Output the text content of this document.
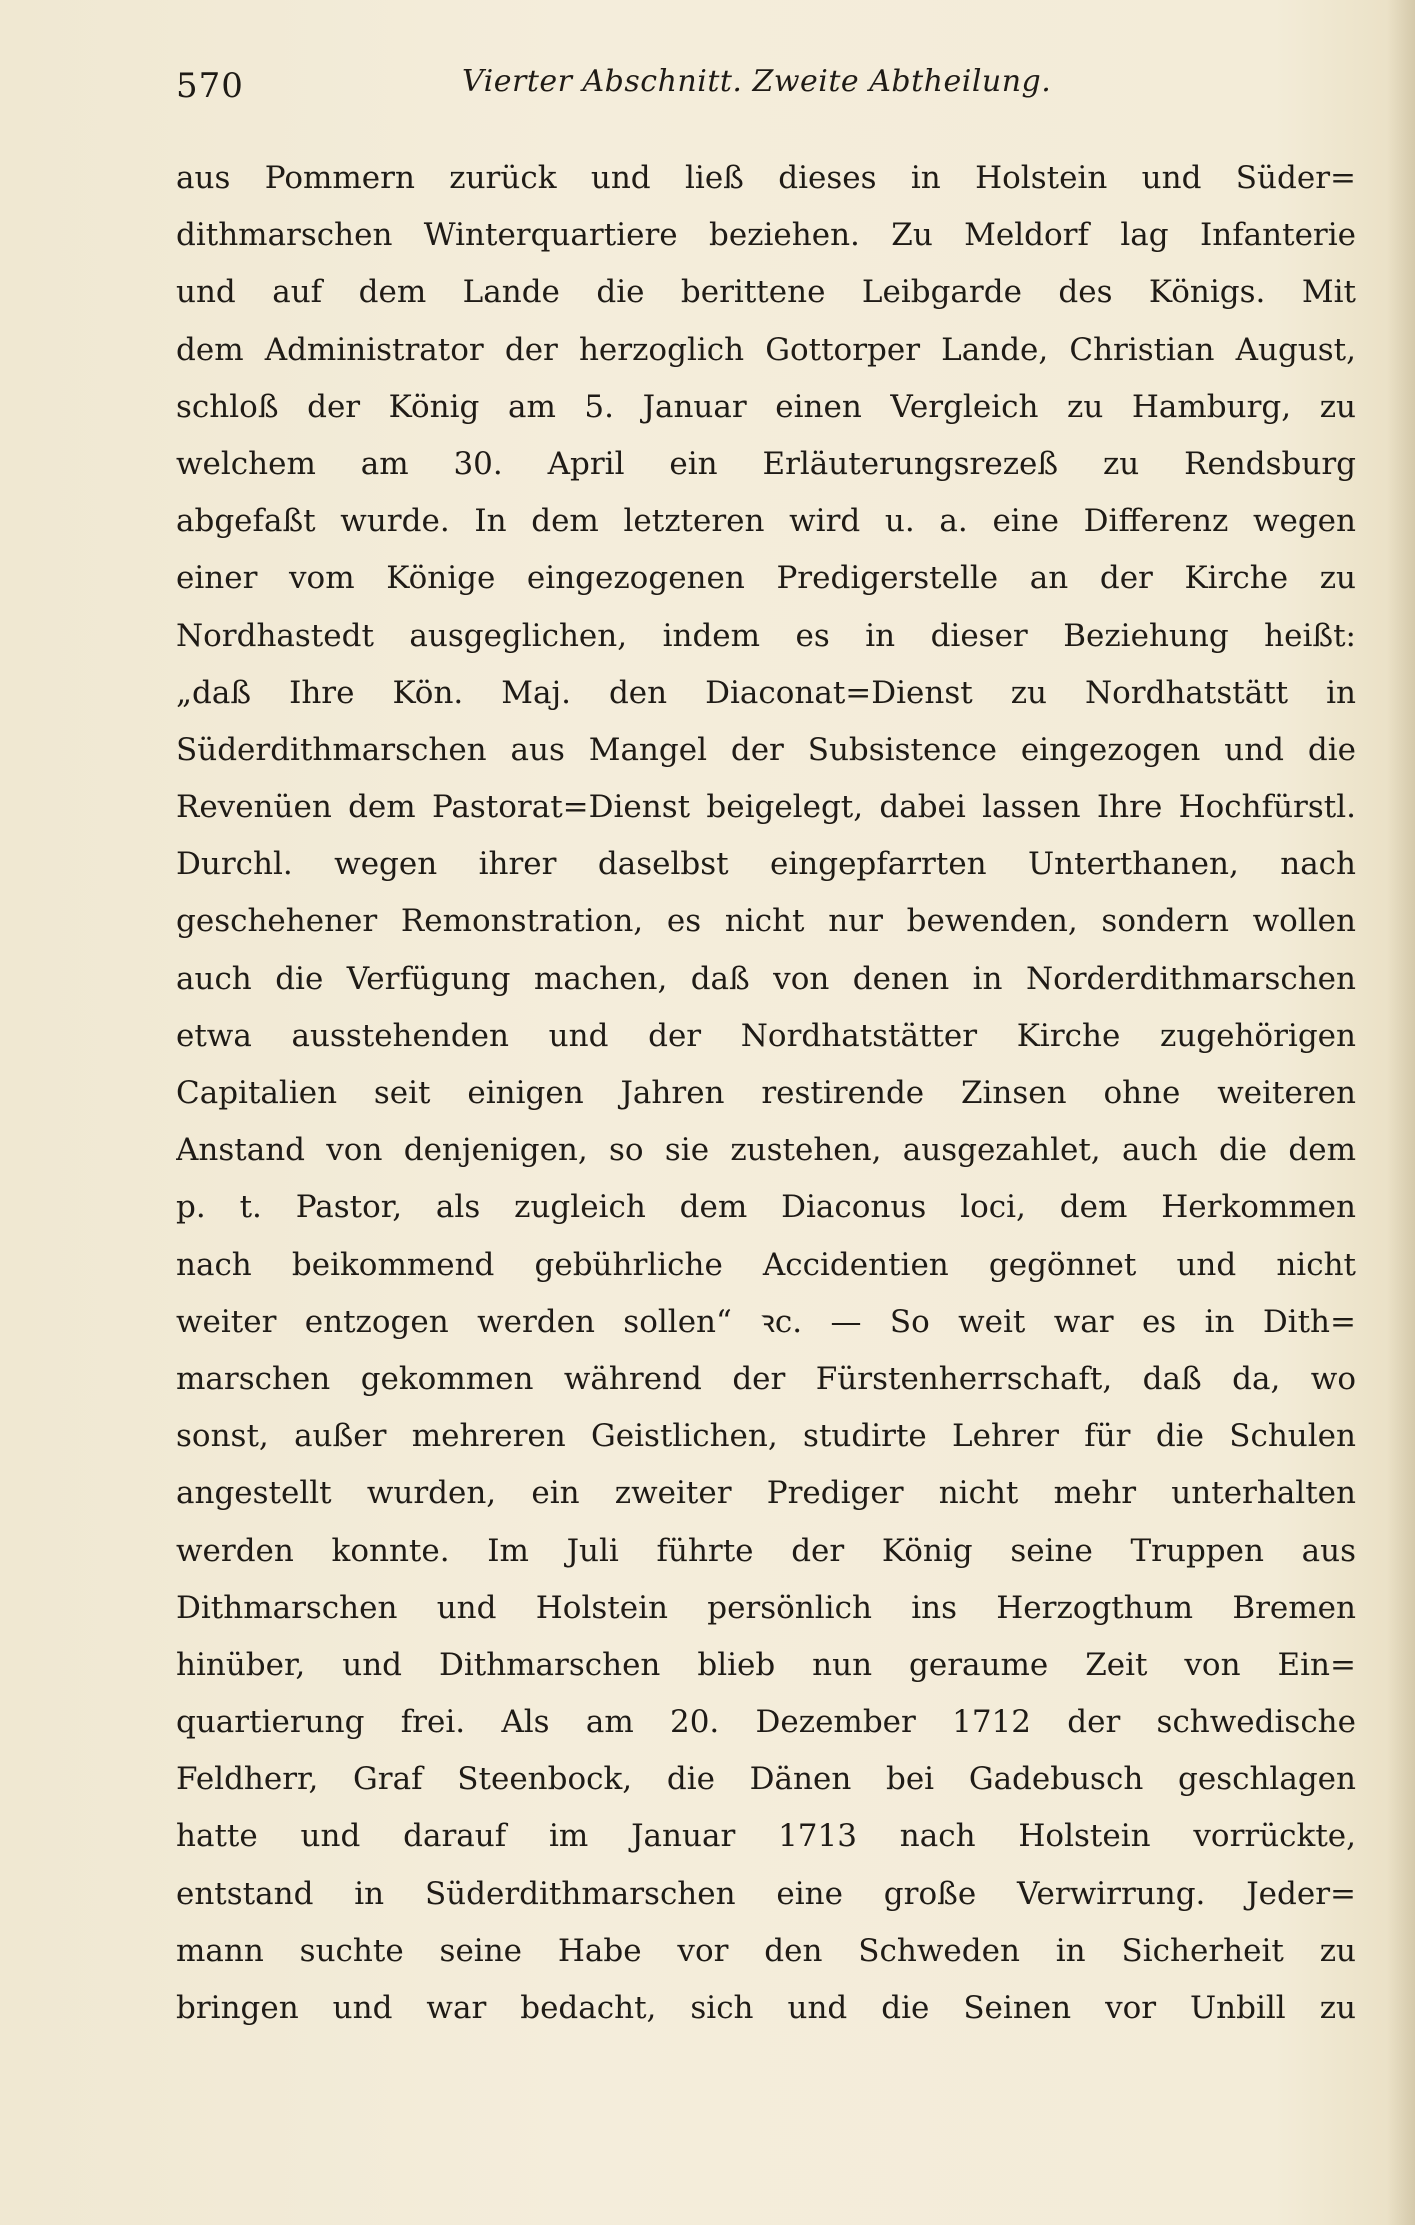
570	Vierter Abschnitt. Zweite Abtheilung.
aus Pommern zurück und ließ dieses in Holstein und Süder=
dithmarschen Winterquartiere beziehen. Zu Meldorf lag Infanterie
und auf dem Lande die berittene Leibgarde des Königs. Mit
dem Administrator der herzoglich Gottorper Lande, Christian August,
schloß der König am 5. Januar einen Vergleich zu Hamburg, zu
welchem am 30. April ein Erläuterungsrezeß zu Rendsburg
abgefaßt wurde. In dem letzteren wird u. a. eine Differenz wegen
einer vom Könige eingezogenen Predigerstelle an der Kirche zu
Nordhastedt ausgeglichen, indem es in dieser Beziehung heißt:
„daß Ihre Kön. Maj. den Diaconat=Dienst zu Nordhatstätt in
Süderdithmarschen aus Mangel der Subsistence eingezogen und die
Revenüen dem Pastorat=Dienst beigelegt, dabei lassen Ihre Hochfürstl.
Durchl. wegen ihrer daselbst eingepfarrten Unterthanen, nach
geschehener Remonstration, es nicht nur bewenden, sondern wollen
auch die Verfügung machen, daß von denen in Norderdithmarschen
etwa ausstehenden und der Nordhatstätter Kirche zugehörigen
Capitalien seit einigen Jahren restirende Zinsen ohne weiteren
Anstand von denjenigen, so sie zustehen, ausgezahlet, auch die dem
p. t. Pastor, als zugleich dem Diaconus loci, dem Herkommen
nach beikommend gebührliche Accidentien gegönnet und nicht
weiter entzogen werden sollen“ ꝛc. — So weit war es in Dith=
marschen gekommen während der Fürstenherrschaft, daß da, wo
sonst, außer mehreren Geistlichen, studirte Lehrer für die Schulen
angestellt wurden, ein zweiter Prediger nicht mehr unterhalten
werden konnte. Im Juli führte der König seine Truppen aus
Dithmarschen und Holstein persönlich ins Herzogthum Bremen
hinüber, und Dithmarschen blieb nun geraume Zeit von Ein=
quartierung frei. Als am 20. Dezember 1712 der schwedische
Feldherr, Graf Steenbock, die Dänen bei Gadebusch geschlagen
hatte und darauf im Januar 1713 nach Holstein vorrückte,
entstand in Süderdithmarschen eine große Verwirrung. Jeder=
mann suchte seine Habe vor den Schweden in Sicherheit zu
bringen und war bedacht, sich und die Seinen vor Unbill zu
